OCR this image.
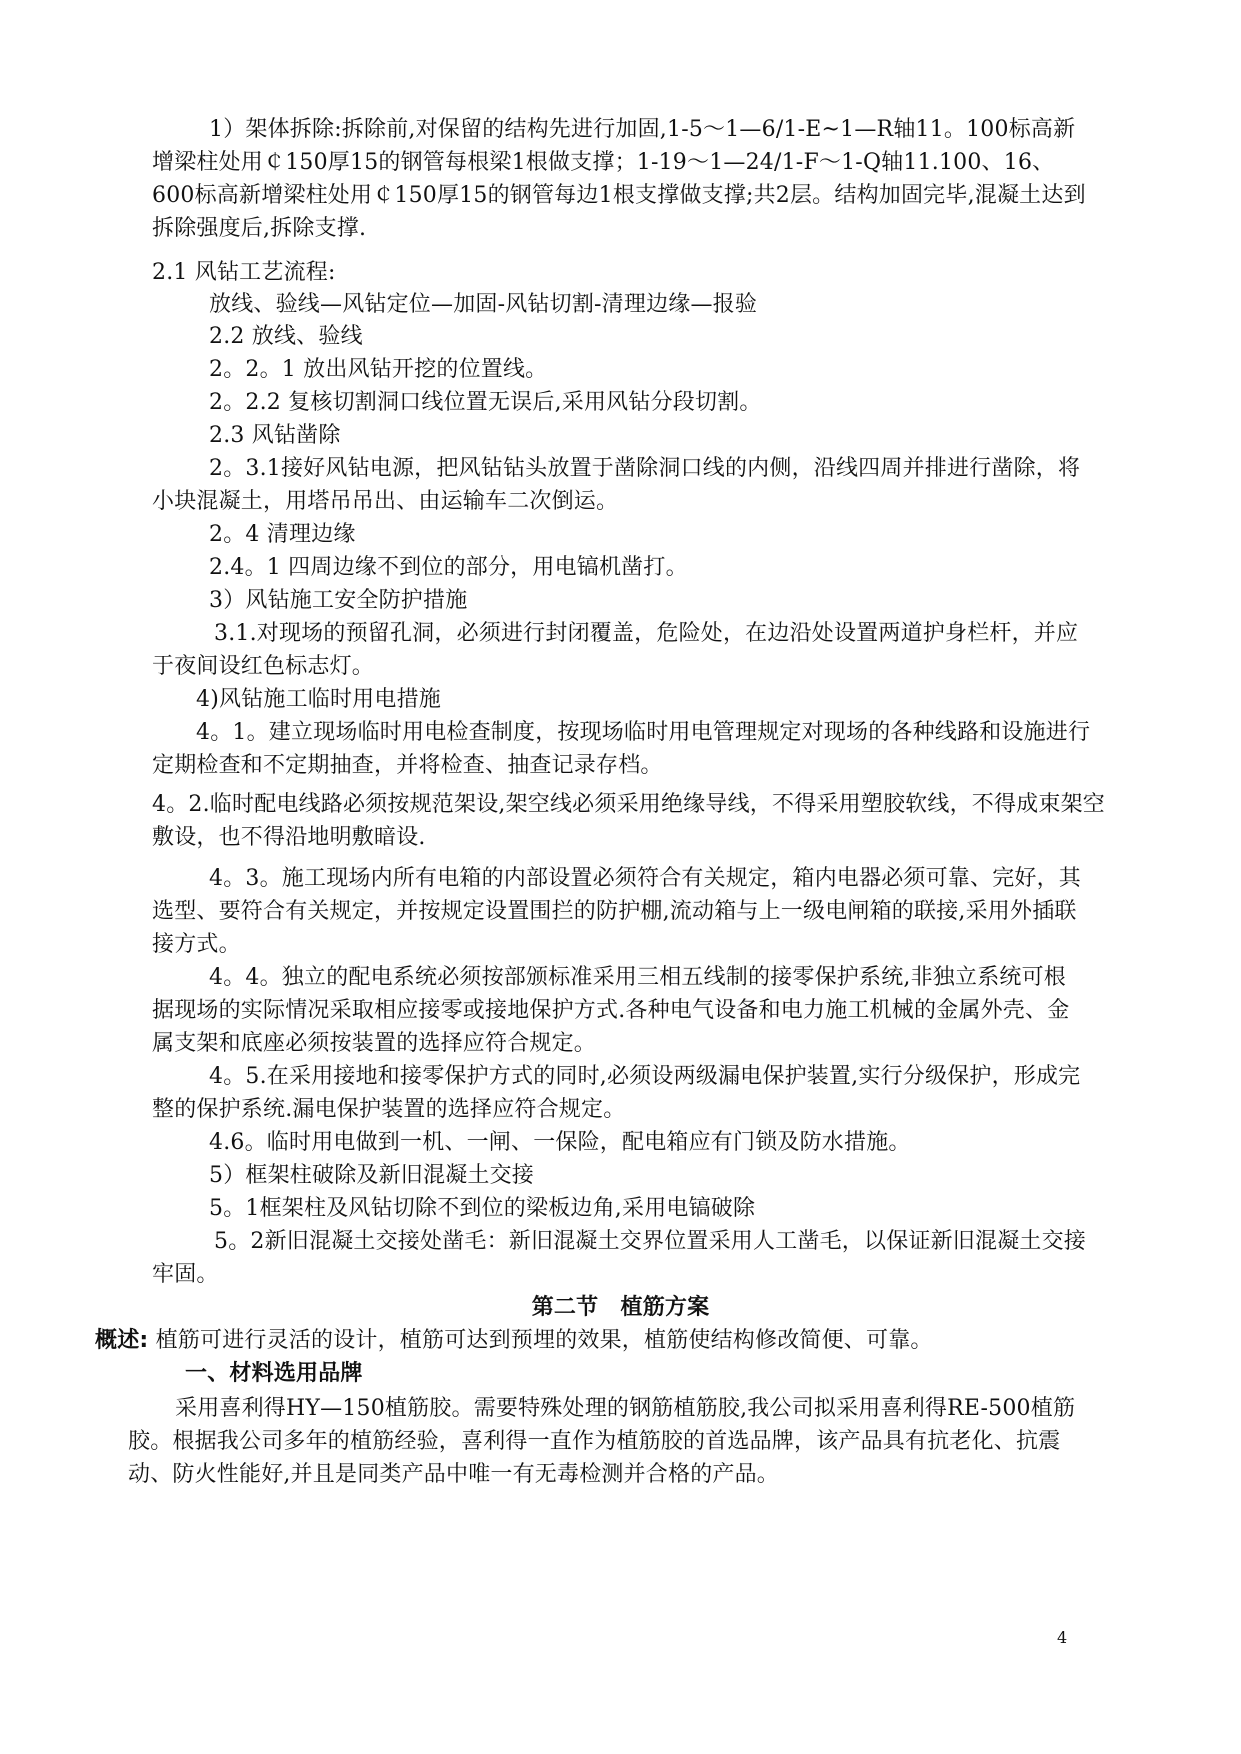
1）架体拆除:拆除前,对保留的结构先进行加固,1-5～1—6/1-E~1—R轴11。100标高新增梁柱处用￠150厚15的钢管每根梁1根做支撑；1-19～1—24/1-F～1-Q轴11.100、16、600标高新增梁柱处用￠150厚15的钢管每边1根支撑做支撑;共2层。结构加固完毕,混凝土达到拆除强度后,拆除支撑.
2.1 风钻工艺流程:
放线、验线—风钻定位—加固-风钻切割-清理边缘—报验
2.2 放线、验线
2。2。1 放出风钻开挖的位置线。
2。2.2 复核切割洞口线位置无误后,采用风钻分段切割。
2.3 风钻凿除
2。3.1接好风钻电源，把风钻钻头放置于凿除洞口线的内侧，沿线四周并排进行凿除，将小块混凝土，用塔吊吊出、由运输车二次倒运。
2。4 清理边缘
2.4。1 四周边缘不到位的部分，用电镐机凿打。
3）风钻施工安全防护措施
3.1.对现场的预留孔洞，必须进行封闭覆盖，危险处，在边沿处设置两道护身栏杆，并应于夜间设红色标志灯。
4)风钻施工临时用电措施
4。1。建立现场临时用电检查制度，按现场临时用电管理规定对现场的各种线路和设施进行定期检查和不定期抽查，并将检查、抽查记录存档。
4。2.临时配电线路必须按规范架设,架空线必须采用绝缘导线，不得采用塑胶软线，不得成束架空敷设，也不得沿地明敷暗设.
4。3。施工现场内所有电箱的内部设置必须符合有关规定，箱内电器必须可靠、完好，其选型、要符合有关规定，并按规定设置围拦的防护棚,流动箱与上一级电闸箱的联接,采用外插联接方式。
4。4。独立的配电系统必须按部颁标准采用三相五线制的接零保护系统,非独立系统可根据现场的实际情况采取相应接零或接地保护方式.各种电气设备和电力施工机械的金属外壳、金属支架和底座必须按装置的选择应符合规定。
4。5.在采用接地和接零保护方式的同时,必须设两级漏电保护装置,实行分级保护，形成完整的保护系统.漏电保护装置的选择应符合规定。
4.6。临时用电做到一机、一闸、一保险，配电箱应有门锁及防水措施。
5）框架柱破除及新旧混凝土交接
5。1框架柱及风钻切除不到位的梁板边角,采用电镐破除
5。2新旧混凝土交接处凿毛：新旧混凝土交界位置采用人工凿毛，以保证新旧混凝土交接牢固。
第二节　植筋方案
概述: 植筋可进行灵活的设计，植筋可达到预埋的效果，植筋使结构修改简便、可靠。
一、材料选用品牌
采用喜利得HY—150植筋胶。需要特殊处理的钢筋植筋胶,我公司拟采用喜利得RE-500植筋胶。根据我公司多年的植筋经验，喜利得一直作为植筋胶的首选品牌，该产品具有抗老化、抗震动、防火性能好,并且是同类产品中唯一有无毒检测并合格的产品。
4
